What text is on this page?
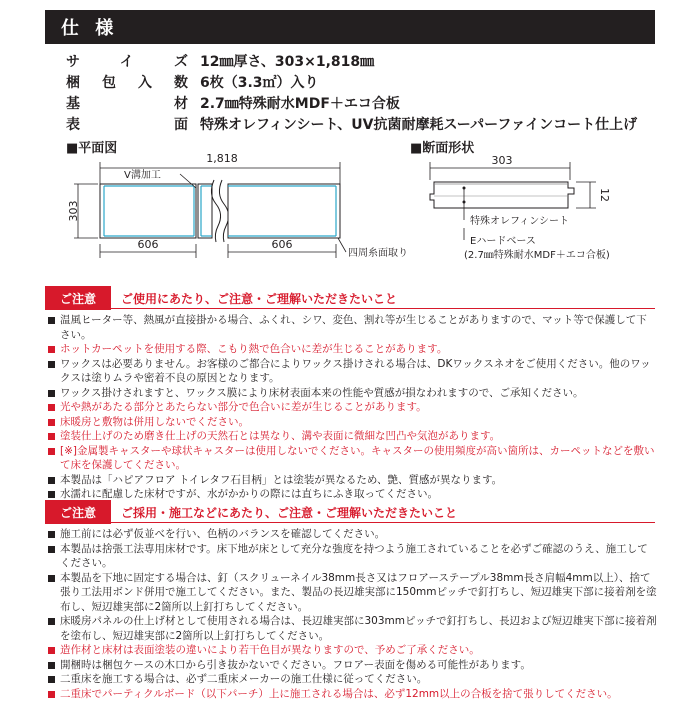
仕 様
サイズ 12㎜厚さ、303×1,818㎜
梱包入数 6枚（3.3㎡）入り
基材 2.7㎜特殊耐水MDF＋エコ合板
表面 特殊オレフィンシート、UV抗菌耐摩耗スーパーファインコート仕上げ
■平面図	■断面形状
1,818
303
V溝加工
606	606
四周糸面取り
303
12
特殊オレフィンシート
Eハードベース
(2.7㎜特殊耐水MDF＋エコ合板)
ご注意	ご使用にあたり、ご注意・ご理解いただきたいこと
温風ヒーター等、熱風が直接掛かる場合、ふくれ、シワ、変色、割れ等が生じることがありますので、マット等で保護して下さい。
ホットカーペットを使用する際、こもり熱で色合いに差が生じることがあります。
ワックスは必要ありません。お客様のご都合によりワックス掛けされる場合は、DKワックスネオをご使用ください。他のワックスは塗りムラや密着不良の原因となります。
ワックス掛けされますと、ワックス膜により床材表面本来の性能や質感が損なわれますので、ご承知ください。
光や熱があたる部分とあたらない部分で色合いに差が生じることがあります。
床暖房と敷物は併用しないでください。
塗装仕上げのため磨き仕上げの天然石とは異なり、溝や表面に微細な凹凸や気泡があります。
[※]金属製キャスターや球状キャスターは使用しないでください。キャスターの使用頻度が高い箇所は、カーペットなどを敷いて床を保護してください。
本製品は「ハピアフロア トイレタフ石目柄」とは塗装が異なるため、艶、質感が異なります。
水濡れに配慮した床材ですが、水がかかりの際には直ちにふき取ってください。
ご注意	ご採用・施工などにあたり、ご注意・ご理解いただきたいこと
施工前には必ず仮並べを行い、色柄のバランスを確認してください。
本製品は捨張工法専用床材です。床下地が床として充分な強度を持つよう施工されていることを必ずご確認のうえ、施工してください。
本製品を下地に固定する場合は、釘（スクリューネイル38mm長さ又はフロアーステープル38mm長さ肩幅4mm以上）、捨て張り工法用ボンド併用で施工してください。また、製品の長辺雄実部に150mmピッチで釘打ちし、短辺雄実下部に接着剤を塗布し、短辺雄実部に2箇所以上釘打ちしてください。
床暖房パネルの仕上げ材として使用される場合は、長辺雄実部に303mmピッチで釘打ちし、長辺および短辺雄実下部に接着剤を塗布し、短辺雄実部に2箇所以上釘打ちしてください。
造作材と床材は表面塗装の違いにより若干色目が異なりますので、予めご了承ください。
開梱時は梱包ケースの木口から引き抜かないでください。フロアー表面を傷める可能性があります。
二重床を施工する場合は、必ず二重床メーカーの施工仕様に従ってください。
二重床でパーティクルボード（以下パーチ）上に施工される場合は、必ず12mm以上の合板を捨て張りしてください。
